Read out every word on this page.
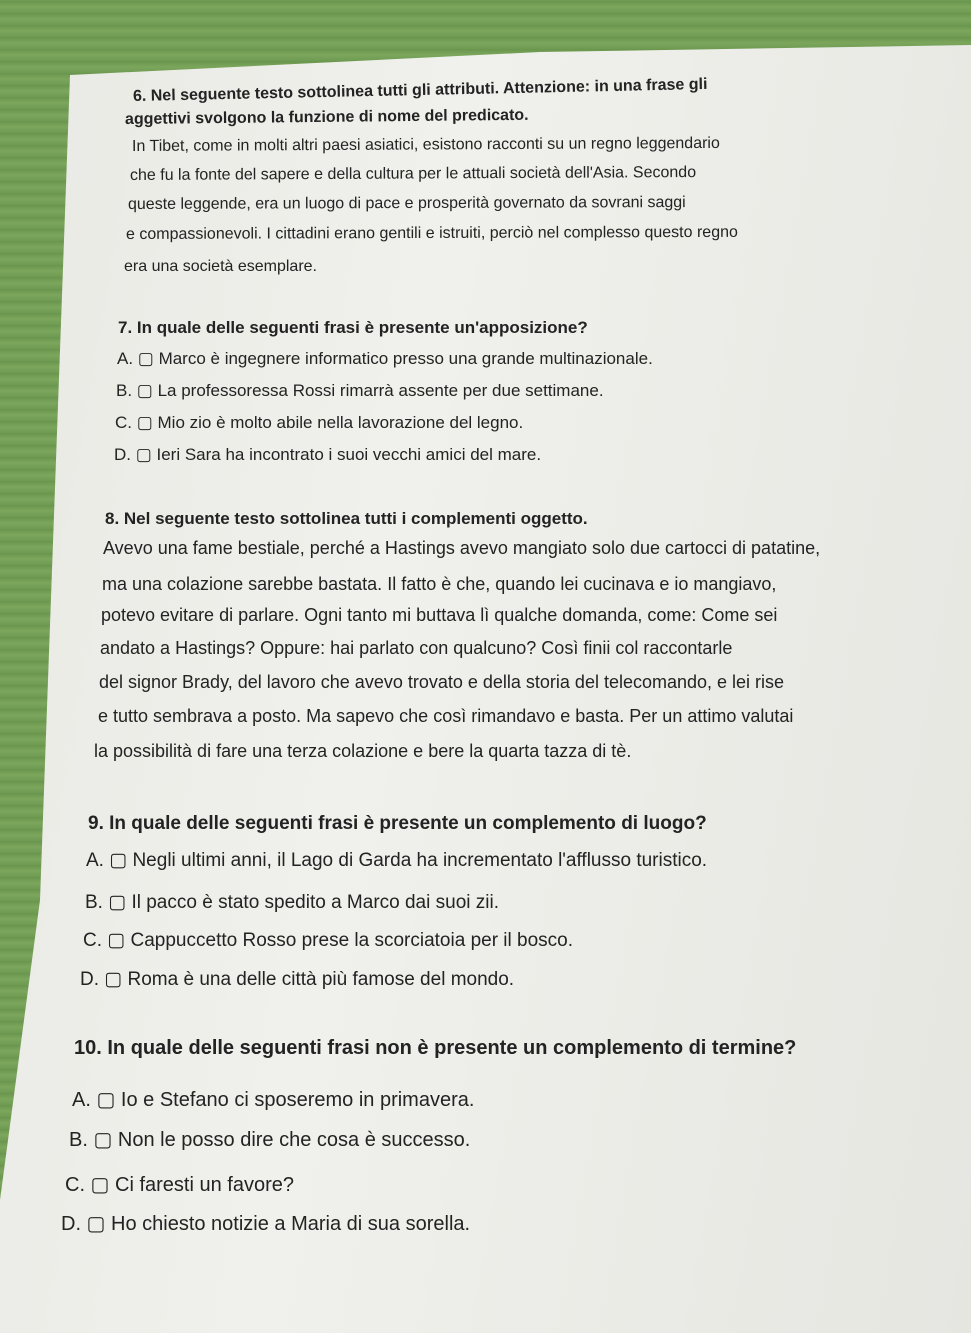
6. Nel seguente testo sottolinea tutti gli attributi. Attenzione: in una frase gli
aggettivi svolgono la funzione di nome del predicato.
In Tibet, come in molti altri paesi asiatici, esistono racconti su un regno leggendario
che fu la fonte del sapere e della cultura per le attuali società dell'Asia. Secondo
queste leggende, era un luogo di pace e prosperità governato da sovrani saggi
e compassionevoli. I cittadini erano gentili e istruiti, perciò nel complesso questo regno
era una società esemplare.
7. In quale delle seguenti frasi è presente un'apposizione?
A. ▢ Marco è ingegnere informatico presso una grande multinazionale.
B. ▢ La professoressa Rossi rimarrà assente per due settimane.
C. ▢ Mio zio è molto abile nella lavorazione del legno.
D. ▢ Ieri Sara ha incontrato i suoi vecchi amici del mare.
8. Nel seguente testo sottolinea tutti i complementi oggetto.
Avevo una fame bestiale, perché a Hastings avevo mangiato solo due cartocci di patatine,
ma una colazione sarebbe bastata. Il fatto è che, quando lei cucinava e io mangiavo,
potevo evitare di parlare. Ogni tanto mi buttava lì qualche domanda, come: Come sei
andato a Hastings? Oppure: hai parlato con qualcuno? Così finii col raccontarle
del signor Brady, del lavoro che avevo trovato e della storia del telecomando, e lei rise
e tutto sembrava a posto. Ma sapevo che così rimandavo e basta. Per un attimo valutai
la possibilità di fare una terza colazione e bere la quarta tazza di tè.
9. In quale delle seguenti frasi è presente un complemento di luogo?
A. ▢ Negli ultimi anni, il Lago di Garda ha incrementato l'afflusso turistico.
B. ▢ Il pacco è stato spedito a Marco dai suoi zii.
C. ▢ Cappuccetto Rosso prese la scorciatoia per il bosco.
D. ▢ Roma è una delle città più famose del mondo.
10. In quale delle seguenti frasi non è presente un complemento di termine?
A. ▢ Io e Stefano ci sposeremo in primavera.
B. ▢ Non le posso dire che cosa è successo.
C. ▢ Ci faresti un favore?
D. ▢ Ho chiesto notizie a Maria di sua sorella.
